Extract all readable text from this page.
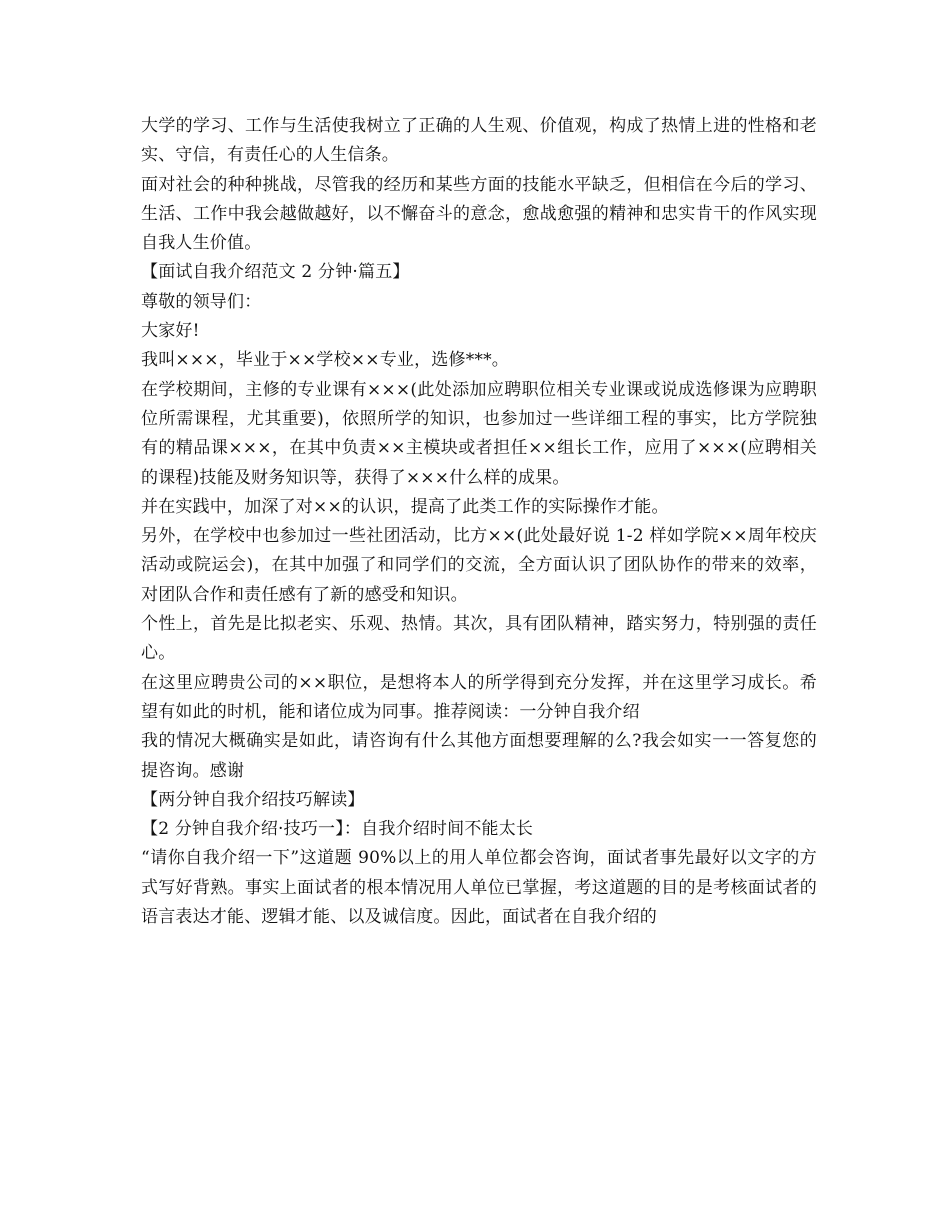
大学的学习、工作与生活使我树立了正确的人生观、价值观，构成了热情上进的性格和老实、守信，有责任心的人生信条。

面对社会的种种挑战，尽管我的经历和某些方面的技能水平缺乏，但相信在今后的学习、生活、工作中我会越做越好，以不懈奋斗的意念，愈战愈强的精神和忠实肯干的作风实现自我人生价值。

【面试自我介绍范文 2 分钟·篇五】

尊敬的领导们：

大家好!

我叫×××，毕业于××学校××专业，选修***。

在学校期间，主修的专业课有×××(此处添加应聘职位相关专业课或说成选修课为应聘职位所需课程，尤其重要)，依照所学的知识，也参加过一些详细工程的事实，比方学院独有的精品课×××，在其中负责××主模块或者担任××组长工作，应用了×××(应聘相关的课程)技能及财务知识等，获得了×××什么样的成果。

并在实践中，加深了对××的认识，提高了此类工作的实际操作才能。

另外，在学校中也参加过一些社团活动，比方××(此处最好说 1-2 样如学院××周年校庆活动或院运会)，在其中加强了和同学们的交流，全方面认识了团队协作的带来的效率，对团队合作和责任感有了新的感受和知识。

个性上，首先是比拟老实、乐观、热情。其次，具有团队精神，踏实努力，特别强的责任心。

在这里应聘贵公司的××职位，是想将本人的所学得到充分发挥，并在这里学习成长。希望有如此的时机，能和诸位成为同事。推荐阅读：一分钟自我介绍

我的情况大概确实是如此，请咨询有什么其他方面想要理解的么?我会如实一一答复您的提咨询。感谢

【两分钟自我介绍技巧解读】

【2 分钟自我介绍·技巧一】：自我介绍时间不能太长

“请你自我介绍一下”这道题 90%以上的用人单位都会咨询，面试者事先最好以文字的方式写好背熟。事实上面试者的根本情况用人单位已掌握，考这道题的目的是考核面试者的语言表达才能、逻辑才能、以及诚信度。因此，面试者在自我介绍的
